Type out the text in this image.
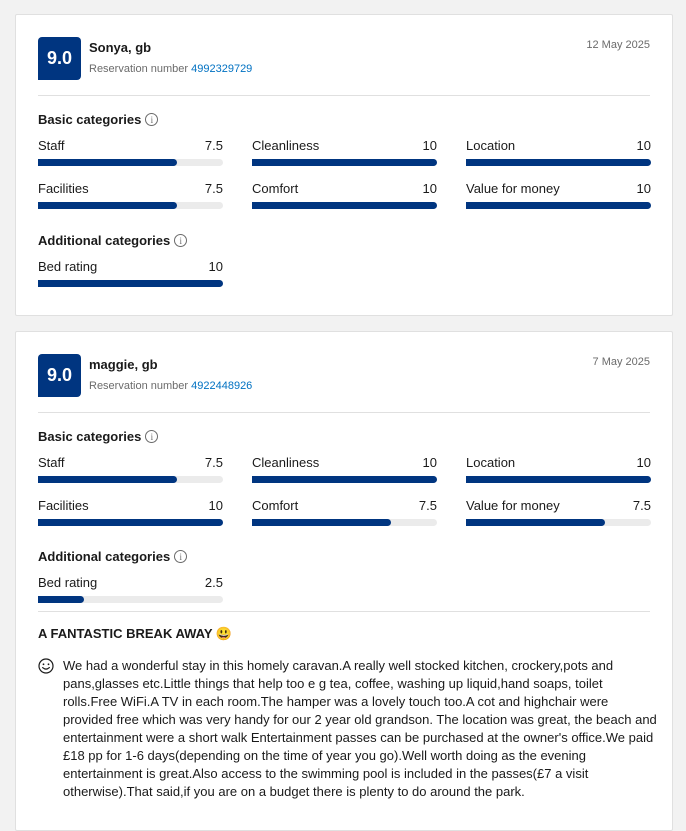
9.0
Sonya, gb
Reservation number 4992329729
12 May 2025
Basic categories	i
Staff	7.5 Cleanliness	10 Location	10
Facilities	7.5 Comfort	10 Value for money	10
Additional categories	i
Bed rating	10
9.0
maggie, gb
Reservation number 4922448926
7 May 2025
Basic categories	i
Staff	7.5 Cleanliness	10 Location	10
Facilities	10 Comfort	7.5 Value for money	7.5
Additional categories	i
Bed rating	2.5
A FANTASTIC BREAK AWAY 😃
We had a wonderful stay in this homely caravan.A really well stocked kitchen, crockery,pots and pans,glasses etc.Little things that help too e g tea, coffee, washing up liquid,hand soaps, toilet rolls.Free WiFi.A TV in each room.The hamper was a lovely touch too.A cot and highchair were provided free which was very handy for our 2 year old grandson. The location was great, the beach and entertainment were a short walk Entertainment passes can be purchased at the owner's office.We paid £18 pp for 1-6 days(depending on the time of year you go).Well worth doing as the evening entertainment is great.Also access to the swimming pool is included in the passes(£7 a visit otherwise).That said,if you are on a budget there is plenty to do around the park.
